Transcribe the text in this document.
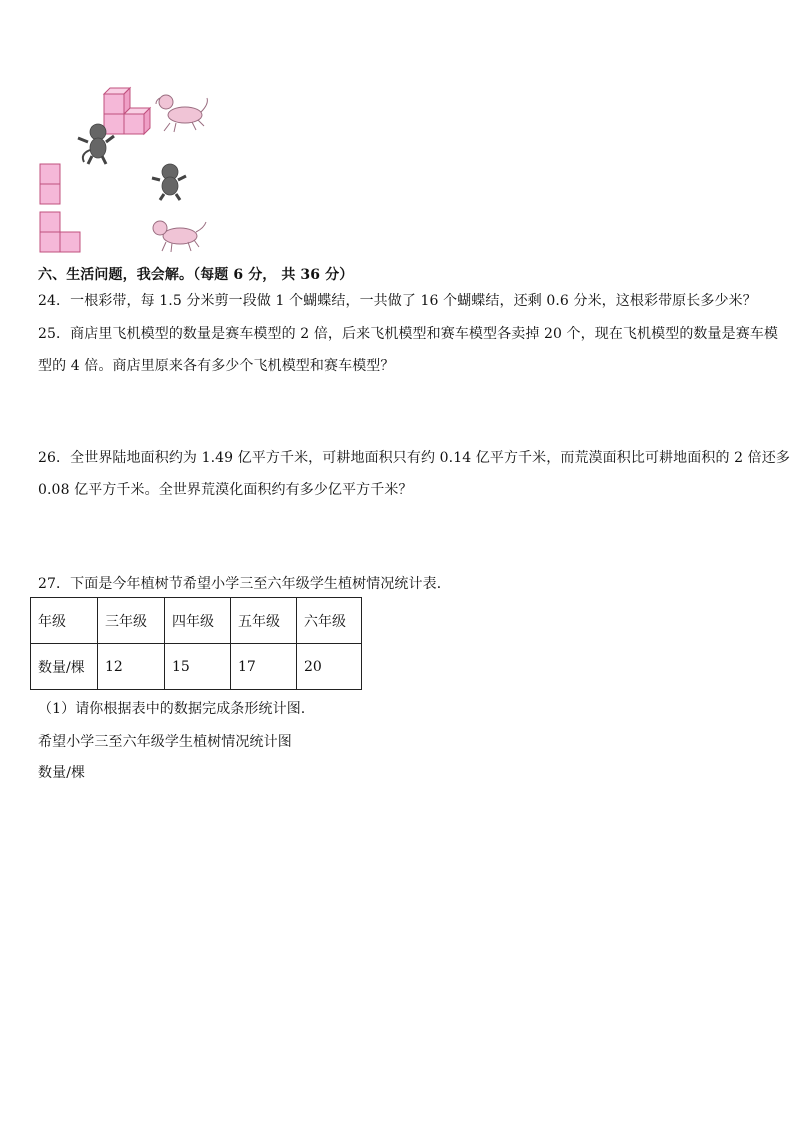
六、生活问题，我会解。（每题 6 分， 共 36 分）
24．一根彩带，每 1.5 分米剪一段做 1 个蝴蝶结，一共做了 16 个蝴蝶结，还剩 0.6 分米，这根彩带原长多少米？
25．商店里飞机模型的数量是赛车模型的 2 倍，后来飞机模型和赛车模型各卖掉 20 个，现在飞机模型的数量是赛车模
型的 4 倍。商店里原来各有多少个飞机模型和赛车模型？
26．全世界陆地面积约为 1.49 亿平方千米，可耕地面积只有约 0.14 亿平方千米，而荒漠面积比可耕地面积的 2 倍还多
0.08 亿平方千米。全世界荒漠化面积约有多少亿平方千米？
27．下面是今年植树节希望小学三至六年级学生植树情况统计表．
年级	三年级	四年级	五年级	六年级
数量/棵	12	15	17	20
（1）请你根据表中的数据完成条形统计图.
希望小学三至六年级学生植树情况统计图
数量/棵
